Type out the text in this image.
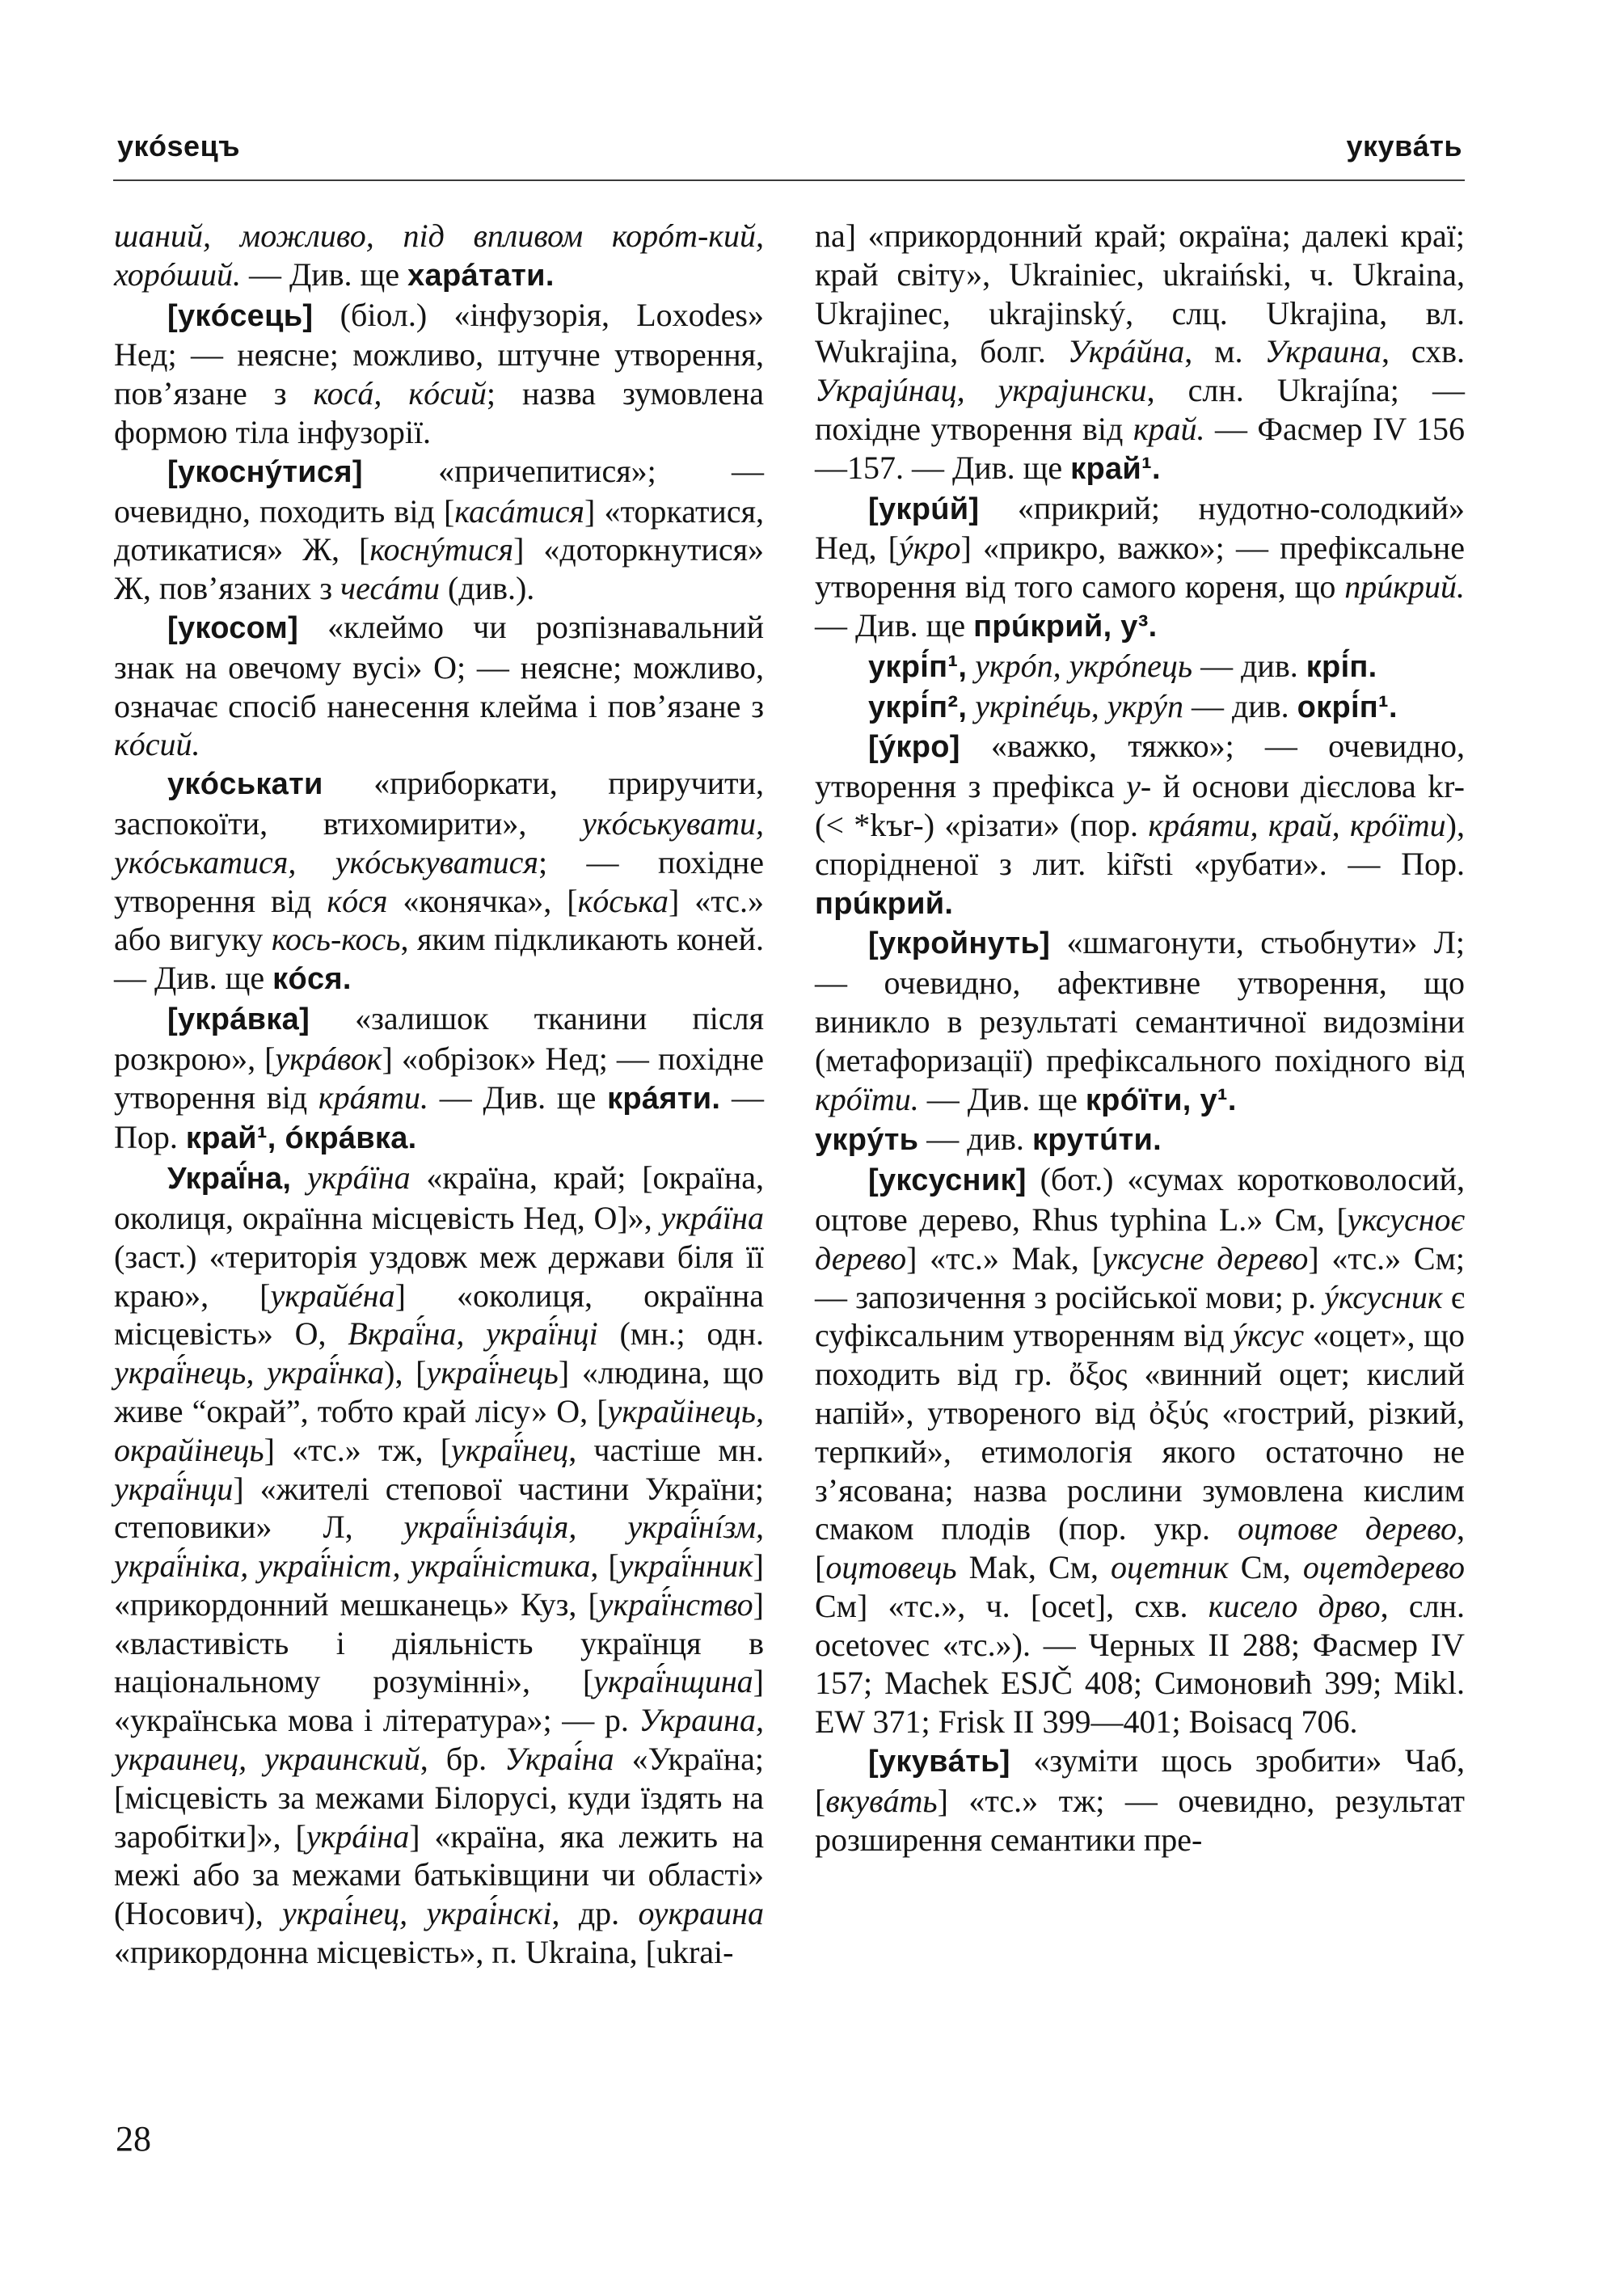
укósецъ	укувáть

шаний, можливо, під впливом корóт-кий, хорóший. — Див. ще харáтати.

[укóсець] (біол.) «інфузорія, Loxodes» Нед; — неясне; можливо, штучне утворення, пов’язане з косá, кóсий; назва зумовлена формою тіла інфузорії.

[укоснýтися] «причепитися»; — очевидно, походить від [касáтися] «торкатися, дотикатися» Ж, [коснýтися] «доторкнутися» Ж, пов’язаних з чесáти (див.).

[укосом] «клеймо чи розпізнавальний знак на овечому вусі» О; — неясне; можливо, означає спосіб нанесення клейма і пов’язане з кóсий.

укóськати «приборкати, приручити, заспокоїти, втихомирити», укóськувати, укóськатися, укóськуватися; — похідне утворення від кóся «конячка», [кóська] «тс.» або вигуку кось-кось, яким підкликають коней. — Див. ще кóся.

[укрáвка] «залишок тканини після розкрою», [укрáвок] «обрізок» Нед; — похідне утворення від крáяти. — Див. ще крáяти. — Пор. край¹, óкрáвка.

Украї́на, укрáїна «країна, край; [окраїна, околиця, окраїнна місцевість Нед, О]», укрáїна (заст.) «територія уздовж меж держави біля її краю», [украйéна] «околиця, окраїнна місцевість» О, Вкраї́на, украї́нці (мн.; одн. украї́нець, украї́нка), [украї́нець] «людина, що живе “окрай”, тобто край лісу» О, [украйінець, окрайінець] «тс.» тж, [украї́нец, частіше мн. украї́нци] «жителі степової частини України; степовики» Л, украї́нізáція, украї́нíзм, украї́ніка, украї́ніст, украї́ністика, [украї́нник] «прикордонний мешканець» Куз, [украї́нство] «властивість і діяльність українця в національному розумінні», [украї́нщина] «українська мова і література»; — р. Украина, украинец, украинский, бр. Украі́на «Україна; [місцевість за межами Білорусі, куди їздять на заробітки]», [укрáіна] «країна, яка лежить на межі або за межами батьківщини чи області» (Носович), украі́нец, украі́нскі, др. оукраина «прикордонна місцевість», п. Ukraina, [ukrai-

na] «прикордонний край; окраїна; далекі краї; край світу», Ukrainiec, ukraiński, ч. Ukraina, Ukrajinec, ukrajinský, слц. Ukrajina, вл. Wukrajina, болг. Укрáйна, м. Украина, схв. Украјúнац, украјински, слн. Ukrajína; — похідне утворення від край. — Фасмер IV 156—157. — Див. ще край¹.

[укрúй] «прикрий; нудотно-солодкий» Нед, [ýкро] «прикро, важко»; — префіксальне утворення від того самого кореня, що прúкрий. — Див. ще прúкрий, у³.

укрі́п¹, укрóп, укрóпець — див. крі́п.

укрі́п², укріпéць, укрýп — див. окрі́п¹.

[ýкро] «важко, тяжко»; — очевидно, утворення з префікса у- й основи дієслова kr- (< *kъr-) «різати» (пор. крáяти, край, крóїти), спорідненої з лит. kir̃sti «рубати». — Пор. прúкрий.

[укройнуть] «шмагонути, стьобнути» Л; — очевидно, афективне утворення, що виникло в результаті семантичної видозміни (метафоризації) префіксального похідного від крóїти. — Див. ще крóїти, у¹.

укрýть — див. крутúти.

[уксусник] (бот.) «сумах коротковолосий, оцтове дерево, Rhus typhina L.» См, [уксусноє дерево] «тс.» Mak, [уксусне дерево] «тс.» См; — запозичення з російської мови; р. ýксусник є суфіксальним утворенням від ýксус «оцет», що походить від гр. ὄξος «винний оцет; кислий напій», утвореного від ὀξύς «гострий, різкий, терпкий», етимологія якого остаточно не з’ясована; назва рослини зумовлена кислим смаком плодів (пор. укр. оцтове дерево, [оцтовець Mak, См, оцетник См, оцетдерево См] «тс.», ч. [ocet], схв. кисело дрво, слн. ocetovec «тс.»). — Черных II 288; Фасмер IV 157; Machek ESJČ 408; Симоновић 399; Mikl. EW 371; Frisk II 399—401; Boisacq 706.

[укувáть] «зуміти щось зробити» Чаб, [вкувáть] «тс.» тж; — очевидно, результат розширення семантики пре-

28
